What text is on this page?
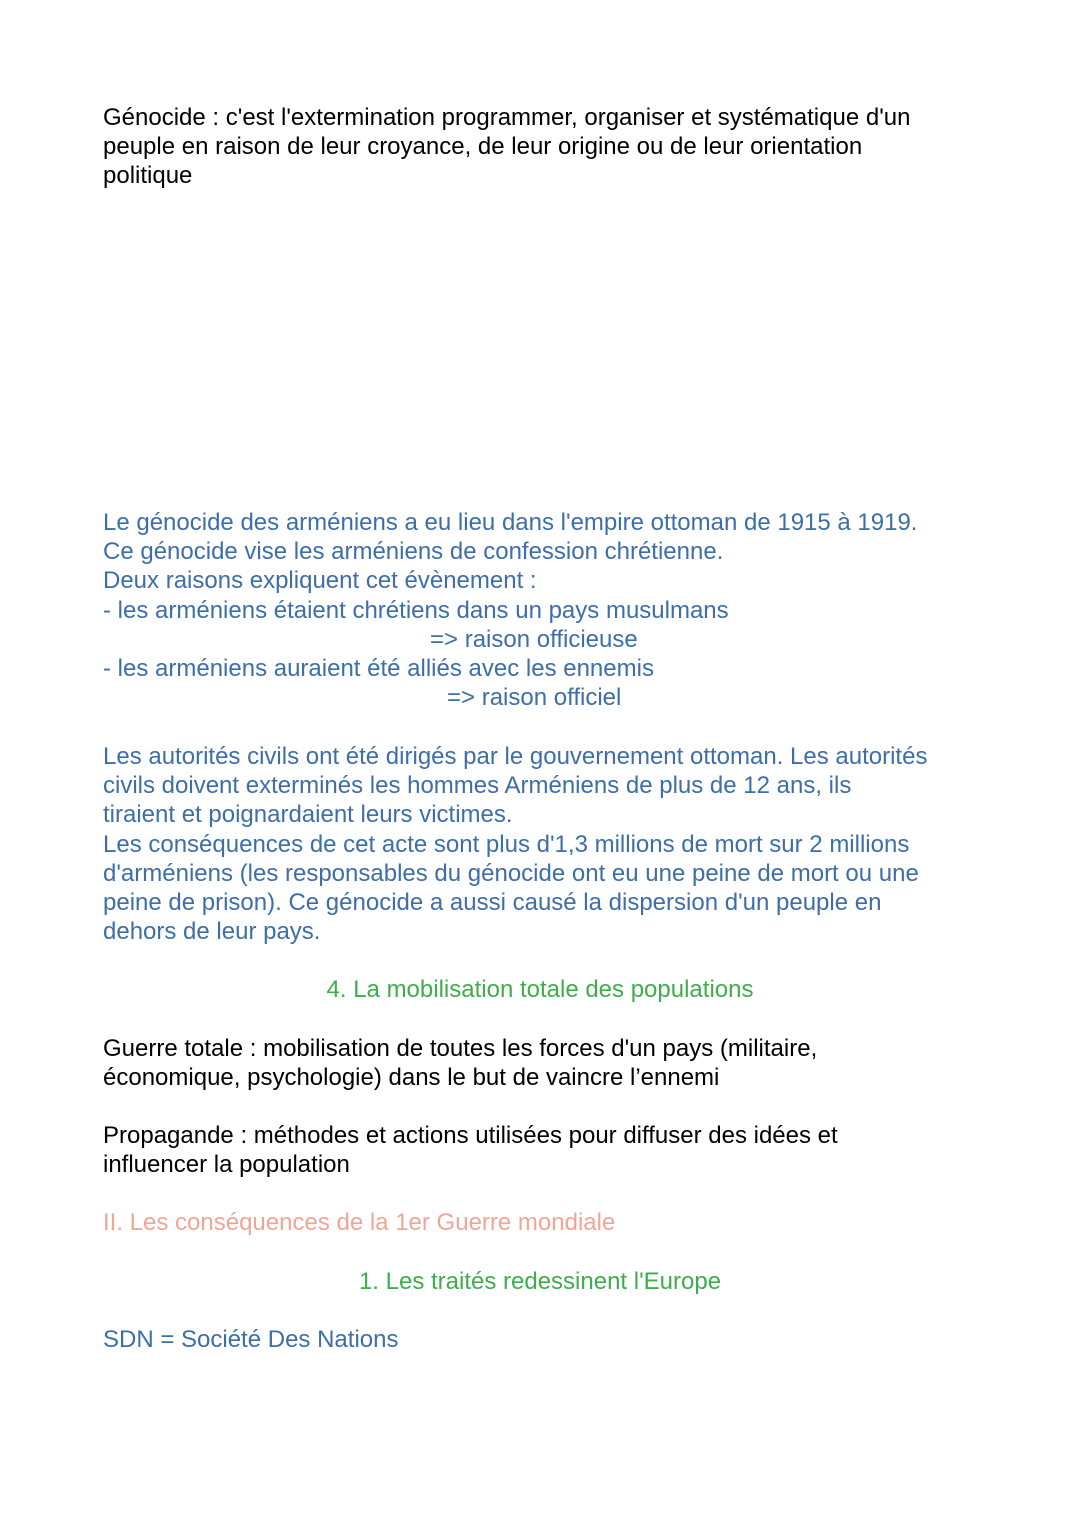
Génocide : c'est l'extermination programmer, organiser et systématique d'un
peuple en raison de leur croyance, de leur origine ou de leur orientation
politique

Le génocide des arméniens a eu lieu dans l'empire ottoman de 1915 à 1919.
Ce génocide vise les arméniens de confession chrétienne.
Deux raisons expliquent cet évènement :
- les arméniens étaient chrétiens dans un pays musulmans
=> raison officieuse
- les arméniens auraient été alliés avec les ennemis
=> raison officiel

Les autorités civils ont été dirigés par le gouvernement ottoman. Les autorités
civils doivent exterminés les hommes Arméniens de plus de 12 ans, ils
tiraient et poignardaient leurs victimes.
Les conséquences de cet acte sont plus d'1,3 millions de mort sur 2 millions
d'arméniens (les responsables du génocide ont eu une peine de mort ou une
peine de prison). Ce génocide a aussi causé la dispersion d'un peuple en
dehors de leur pays.

4. La mobilisation totale des populations

Guerre totale : mobilisation de toutes les forces d'un pays (militaire,
économique, psychologie) dans le but de vaincre l’ennemi

Propagande : méthodes et actions utilisées pour diffuser des idées et
influencer la population

II. Les conséquences de la 1er Guerre mondiale

1. Les traités redessinent l'Europe

SDN = Société Des Nations
